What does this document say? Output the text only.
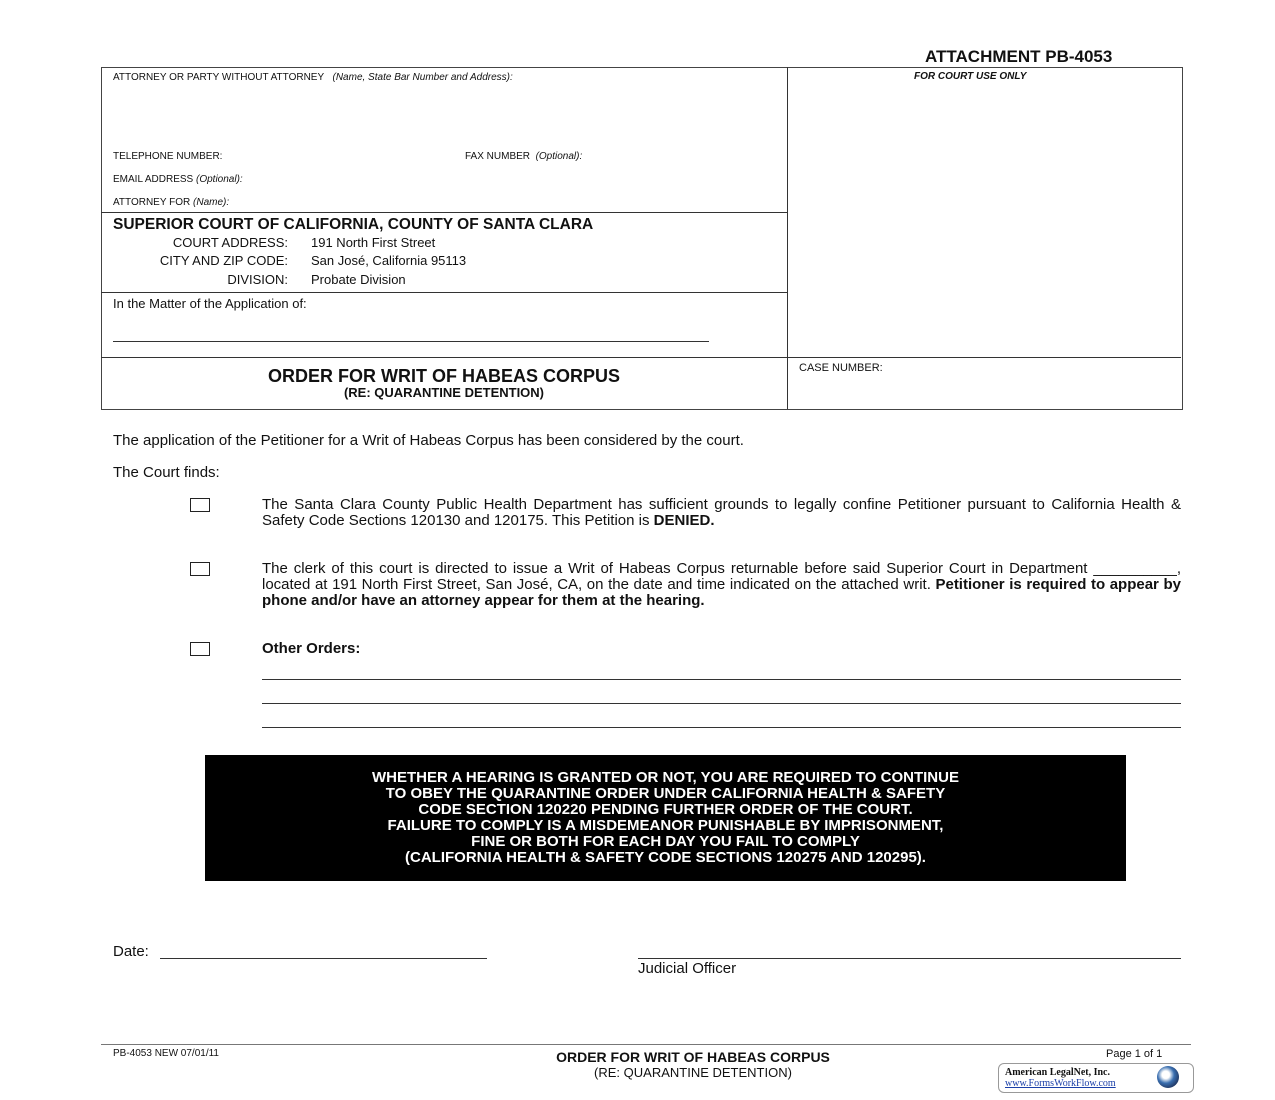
ATTACHMENT PB-4053
ATTORNEY OR PARTY WITHOUT ATTORNEY (Name, State Bar Number and Address):	FOR COURT USE ONLY
TELEPHONE NUMBER:	FAX NUMBER (Optional):
EMAIL ADDRESS (Optional):
ATTORNEY FOR (Name):
SUPERIOR COURT OF CALIFORNIA, COUNTY OF SANTA CLARA
COURT ADDRESS: 191 North First Street
CITY AND ZIP CODE: San José, California 95113
DIVISION: Probate Division
In the Matter of the Application of:
ORDER FOR WRIT OF HABEAS CORPUS
(RE: QUARANTINE DETENTION)
CASE NUMBER:
The application of the Petitioner for a Writ of Habeas Corpus has been considered by the court.
The Court finds:
The Santa Clara County Public Health Department has sufficient grounds to legally confine Petitioner pursuant to California Health & Safety Code Sections 120130 and 120175. This Petition is DENIED.
The clerk of this court is directed to issue a Writ of Habeas Corpus returnable before said Superior Court in Department __________, located at 191 North First Street, San José, CA, on the date and time indicated on the attached writ. Petitioner is required to appear by phone and/or have an attorney appear for them at the hearing.
Other Orders:
WHETHER A HEARING IS GRANTED OR NOT, YOU ARE REQUIRED TO CONTINUE
TO OBEY THE QUARANTINE ORDER UNDER CALIFORNIA HEALTH & SAFETY
CODE SECTION 120220 PENDING FURTHER ORDER OF THE COURT.
FAILURE TO COMPLY IS A MISDEMEANOR PUNISHABLE BY IMPRISONMENT,
FINE OR BOTH FOR EACH DAY YOU FAIL TO COMPLY
(CALIFORNIA HEALTH & SAFETY CODE SECTIONS 120275 AND 120295).
Date:
Judicial Officer
PB-4053 NEW 07/01/11	ORDER FOR WRIT OF HABEAS CORPUS
(RE: QUARANTINE DETENTION)
Page 1 of 1
American LegalNet, Inc.
www.FormsWorkFlow.com
